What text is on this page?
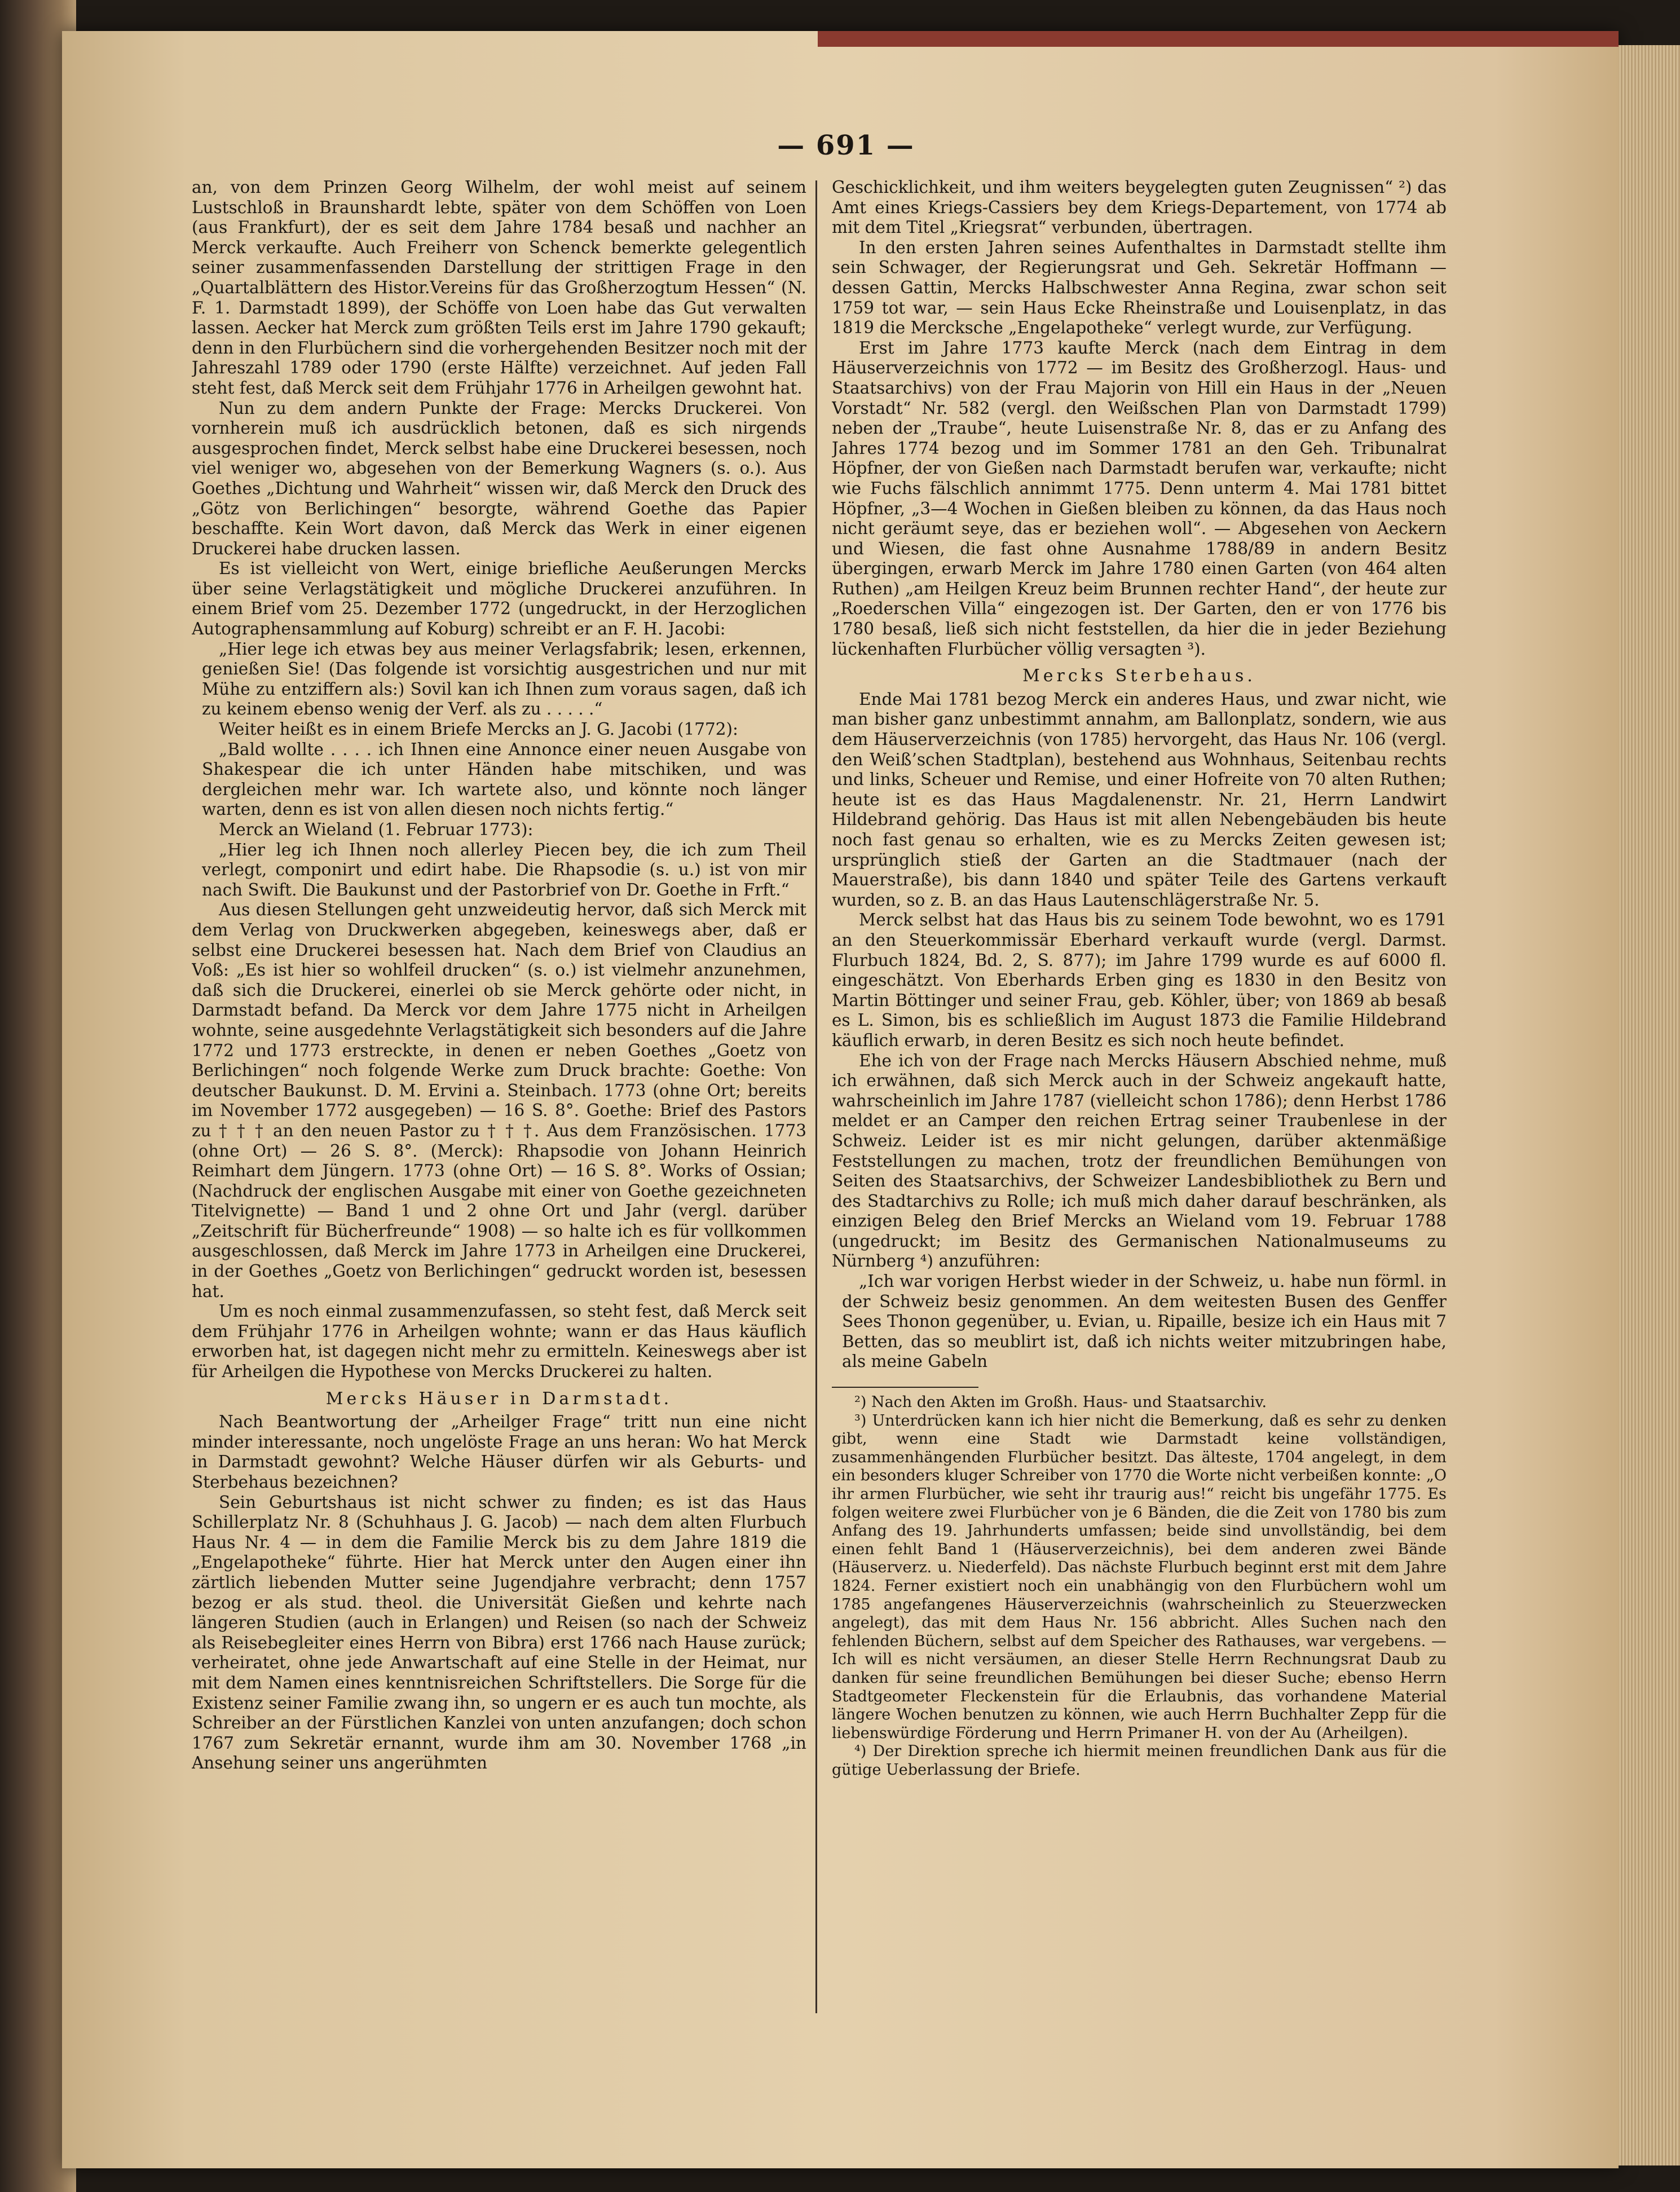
— 691 —

an, von dem Prinzen Georg Wilhelm, der wohl meist auf seinem Lustschloß in Braunshardt lebte, später von dem Schöffen von Loen (aus Frankfurt), der es seit dem Jahre 1784 besaß und nachher an Merck verkaufte. Auch Freiherr von Schenck bemerkte gelegentlich seiner zusammenfassenden Darstellung der strittigen Frage in den „Quartalblättern des Histor.Vereins für das Großherzogtum Hessen“ (N. F. 1. Darmstadt 1899), der Schöffe von Loen habe das Gut verwalten lassen. Aecker hat Merck zum größten Teils erst im Jahre 1790 gekauft; denn in den Flurbüchern sind die vorhergehenden Besitzer noch mit der Jahreszahl 1789 oder 1790 (erste Hälfte) verzeichnet. Auf jeden Fall steht fest, daß Merck seit dem Frühjahr 1776 in Arheilgen gewohnt hat.

Nun zu dem andern Punkte der Frage: Mercks Druckerei. Von vornherein muß ich ausdrücklich betonen, daß es sich nirgends ausgesprochen findet, Merck selbst habe eine Druckerei besessen, noch viel weniger wo, abgesehen von der Bemerkung Wagners (s. o.). Aus Goethes „Dichtung und Wahrheit“ wissen wir, daß Merck den Druck des „Götz von Berlichingen“ besorgte, während Goethe das Papier beschaffte. Kein Wort davon, daß Merck das Werk in einer eigenen Druckerei habe drucken lassen.

Es ist vielleicht von Wert, einige briefliche Aeußerungen Mercks über seine Verlagstätigkeit und mögliche Druckerei anzuführen. In einem Brief vom 25. Dezember 1772 (ungedruckt, in der Herzoglichen Autographensammlung auf Koburg) schreibt er an F. H. Jacobi:

„Hier lege ich etwas bey aus meiner Verlagsfabrik; lesen, erkennen, genießen Sie! (Das folgende ist vorsichtig ausgestrichen und nur mit Mühe zu entziffern als:) Sovil kan ich Ihnen zum voraus sagen, daß ich zu keinem ebenso wenig der Verf. als zu . . . . .“

Weiter heißt es in einem Briefe Mercks an J. G. Jacobi (1772):

„Bald wollte . . . . ich Ihnen eine Annonce einer neuen Ausgabe von Shakespear die ich unter Händen habe mitschiken, und was dergleichen mehr war. Ich wartete also, und könnte noch länger warten, denn es ist von allen diesen noch nichts fertig.“

Merck an Wieland (1. Februar 1773):

„Hier leg ich Ihnen noch allerley Piecen bey, die ich zum Theil verlegt, componirt und edirt habe. Die Rhapsodie (s. u.) ist von mir nach Swift. Die Baukunst und der Pastorbrief von Dr. Goethe in Frft.“

Aus diesen Stellungen geht unzweideutig hervor, daß sich Merck mit dem Verlag von Druckwerken abgegeben, keineswegs aber, daß er selbst eine Druckerei besessen hat. Nach dem Brief von Claudius an Voß: „Es ist hier so wohlfeil drucken“ (s. o.) ist vielmehr anzunehmen, daß sich die Druckerei, einerlei ob sie Merck gehörte oder nicht, in Darmstadt befand. Da Merck vor dem Jahre 1775 nicht in Arheilgen wohnte, seine ausgedehnte Verlagstätigkeit sich besonders auf die Jahre 1772 und 1773 erstreckte, in denen er neben Goethes „Goetz von Berlichingen“ noch folgende Werke zum Druck brachte: Goethe: Von deutscher Baukunst. D. M. Ervini a. Steinbach. 1773 (ohne Ort; bereits im November 1772 ausgegeben) — 16 S. 8°. Goethe: Brief des Pastors zu † † † an den neuen Pastor zu † † †. Aus dem Französischen. 1773 (ohne Ort) — 26 S. 8°. (Merck): Rhapsodie von Johann Heinrich Reimhart dem Jüngern. 1773 (ohne Ort) — 16 S. 8°. Works of Ossian; (Nachdruck der englischen Ausgabe mit einer von Goethe gezeichneten Titelvignette) — Band 1 und 2 ohne Ort und Jahr (vergl. darüber „Zeitschrift für Bücherfreunde“ 1908) — so halte ich es für vollkommen ausgeschlossen, daß Merck im Jahre 1773 in Arheilgen eine Druckerei, in der Goethes „Goetz von Berlichingen“ gedruckt worden ist, besessen hat.

Um es noch einmal zusammenzufassen, so steht fest, daß Merck seit dem Frühjahr 1776 in Arheilgen wohnte; wann er das Haus käuflich erworben hat, ist dagegen nicht mehr zu ermitteln. Keineswegs aber ist für Arheilgen die Hypothese von Mercks Druckerei zu halten.

Mercks Häuser in Darmstadt.

Nach Beantwortung der „Arheilger Frage“ tritt nun eine nicht minder interessante, noch ungelöste Frage an uns heran: Wo hat Merck in Darmstadt gewohnt? Welche Häuser dürfen wir als Geburts- und Sterbehaus bezeichnen?

Sein Geburtshaus ist nicht schwer zu finden; es ist das Haus Schillerplatz Nr. 8 (Schuhhaus J. G. Jacob) — nach dem alten Flurbuch Haus Nr. 4 — in dem die Familie Merck bis zu dem Jahre 1819 die „Engelapotheke“ führte. Hier hat Merck unter den Augen einer ihn zärtlich liebenden Mutter seine Jugendjahre verbracht; denn 1757 bezog er als stud. theol. die Universität Gießen und kehrte nach längeren Studien (auch in Erlangen) und Reisen (so nach der Schweiz als Reisebegleiter eines Herrn von Bibra) erst 1766 nach Hause zurück; verheiratet, ohne jede Anwartschaft auf eine Stelle in der Heimat, nur mit dem Namen eines kenntnisreichen Schriftstellers. Die Sorge für die Existenz seiner Familie zwang ihn, so ungern er es auch tun mochte, als Schreiber an der Fürstlichen Kanzlei von unten anzufangen; doch schon 1767 zum Sekretär ernannt, wurde ihm am 30. November 1768 „in Ansehung seiner uns angerühmten

Geschicklichkeit, und ihm weiters beygelegten guten Zeugnissen“ ²) das Amt eines Kriegs-Cassiers bey dem Kriegs-Departement, von 1774 ab mit dem Titel „Kriegsrat“ verbunden, übertragen.

In den ersten Jahren seines Aufenthaltes in Darmstadt stellte ihm sein Schwager, der Regierungsrat und Geh. Sekretär Hoffmann — dessen Gattin, Mercks Halbschwester Anna Regina, zwar schon seit 1759 tot war, — sein Haus Ecke Rheinstraße und Louisenplatz, in das 1819 die Mercksche „Engelapotheke“ verlegt wurde, zur Verfügung.

Erst im Jahre 1773 kaufte Merck (nach dem Eintrag in dem Häuserverzeichnis von 1772 — im Besitz des Großherzogl. Haus- und Staatsarchivs) von der Frau Majorin von Hill ein Haus in der „Neuen Vorstadt“ Nr. 582 (vergl. den Weißschen Plan von Darmstadt 1799) neben der „Traube“, heute Luisenstraße Nr. 8, das er zu Anfang des Jahres 1774 bezog und im Sommer 1781 an den Geh. Tribunalrat Höpfner, der von Gießen nach Darmstadt berufen war, verkaufte; nicht wie Fuchs fälschlich annimmt 1775. Denn unterm 4. Mai 1781 bittet Höpfner, „3—4 Wochen in Gießen bleiben zu können, da das Haus noch nicht geräumt seye, das er beziehen woll“. — Abgesehen von Aeckern und Wiesen, die fast ohne Ausnahme 1788/89 in andern Besitz übergingen, erwarb Merck im Jahre 1780 einen Garten (von 464 alten Ruthen) „am Heilgen Kreuz beim Brunnen rechter Hand“, der heute zur „Roederschen Villa“ eingezogen ist. Der Garten, den er von 1776 bis 1780 besaß, ließ sich nicht feststellen, da hier die in jeder Beziehung lückenhaften Flurbücher völlig versagten ³).

Mercks Sterbehaus.

Ende Mai 1781 bezog Merck ein anderes Haus, und zwar nicht, wie man bisher ganz unbestimmt annahm, am Ballonplatz, sondern, wie aus dem Häuserverzeichnis (von 1785) hervorgeht, das Haus Nr. 106 (vergl. den Weiß’schen Stadtplan), bestehend aus Wohnhaus, Seitenbau rechts und links, Scheuer und Remise, und einer Hofreite von 70 alten Ruthen; heute ist es das Haus Magdalenenstr. Nr. 21, Herrn Landwirt Hildebrand gehörig. Das Haus ist mit allen Nebengebäuden bis heute noch fast genau so erhalten, wie es zu Mercks Zeiten gewesen ist; ursprünglich stieß der Garten an die Stadtmauer (nach der Mauerstraße), bis dann 1840 und später Teile des Gartens verkauft wurden, so z. B. an das Haus Lautenschlägerstraße Nr. 5.

Merck selbst hat das Haus bis zu seinem Tode bewohnt, wo es 1791 an den Steuerkommissär Eberhard verkauft wurde (vergl. Darmst. Flurbuch 1824, Bd. 2, S. 877); im Jahre 1799 wurde es auf 6000 fl. eingeschätzt. Von Eberhards Erben ging es 1830 in den Besitz von Martin Böttinger und seiner Frau, geb. Köhler, über; von 1869 ab besaß es L. Simon, bis es schließlich im August 1873 die Familie Hildebrand käuflich erwarb, in deren Besitz es sich noch heute befindet.

Ehe ich von der Frage nach Mercks Häusern Abschied nehme, muß ich erwähnen, daß sich Merck auch in der Schweiz angekauft hatte, wahrscheinlich im Jahre 1787 (vielleicht schon 1786); denn Herbst 1786 meldet er an Camper den reichen Ertrag seiner Traubenlese in der Schweiz. Leider ist es mir nicht gelungen, darüber aktenmäßige Feststellungen zu machen, trotz der freundlichen Bemühungen von Seiten des Staatsarchivs, der Schweizer Landesbibliothek zu Bern und des Stadtarchivs zu Rolle; ich muß mich daher darauf beschränken, als einzigen Beleg den Brief Mercks an Wieland vom 19. Februar 1788 (ungedruckt; im Besitz des Germanischen Nationalmuseums zu Nürnberg ⁴) anzuführen:

„Ich war vorigen Herbst wieder in der Schweiz, u. habe nun förml. in der Schweiz besiz genommen. An dem weitesten Busen des Genffer Sees Thonon gegenüber, u. Evian, u. Ripaille, besize ich ein Haus mit 7 Betten, das so meublirt ist, daß ich nichts weiter mitzubringen habe, als meine Gabeln

²) Nach den Akten im Großh. Haus- und Staatsarchiv.

³) Unterdrücken kann ich hier nicht die Bemerkung, daß es sehr zu denken gibt, wenn eine Stadt wie Darmstadt keine vollständigen, zusammenhängenden Flurbücher besitzt. Das älteste, 1704 angelegt, in dem ein besonders kluger Schreiber von 1770 die Worte nicht verbeißen konnte: „O ihr armen Flurbücher, wie seht ihr traurig aus!“ reicht bis ungefähr 1775. Es folgen weitere zwei Flurbücher von je 6 Bänden, die die Zeit von 1780 bis zum Anfang des 19. Jahrhunderts umfassen; beide sind unvollständig, bei dem einen fehlt Band 1 (Häuserverzeichnis), bei dem anderen zwei Bände (Häuserverz. u. Niederfeld). Das nächste Flurbuch beginnt erst mit dem Jahre 1824. Ferner existiert noch ein unabhängig von den Flurbüchern wohl um 1785 angefangenes Häuserverzeichnis (wahrscheinlich zu Steuerzwecken angelegt), das mit dem Haus Nr. 156 abbricht. Alles Suchen nach den fehlenden Büchern, selbst auf dem Speicher des Rathauses, war vergebens. — Ich will es nicht versäumen, an dieser Stelle Herrn Rechnungsrat Daub zu danken für seine freundlichen Bemühungen bei dieser Suche; ebenso Herrn Stadtgeometer Fleckenstein für die Erlaubnis, das vorhandene Material längere Wochen benutzen zu können, wie auch Herrn Buchhalter Zepp für die liebenswürdige Förderung und Herrn Primaner H. von der Au (Arheilgen).

⁴) Der Direktion spreche ich hiermit meinen freundlichen Dank aus für die gütige Ueberlassung der Briefe.
